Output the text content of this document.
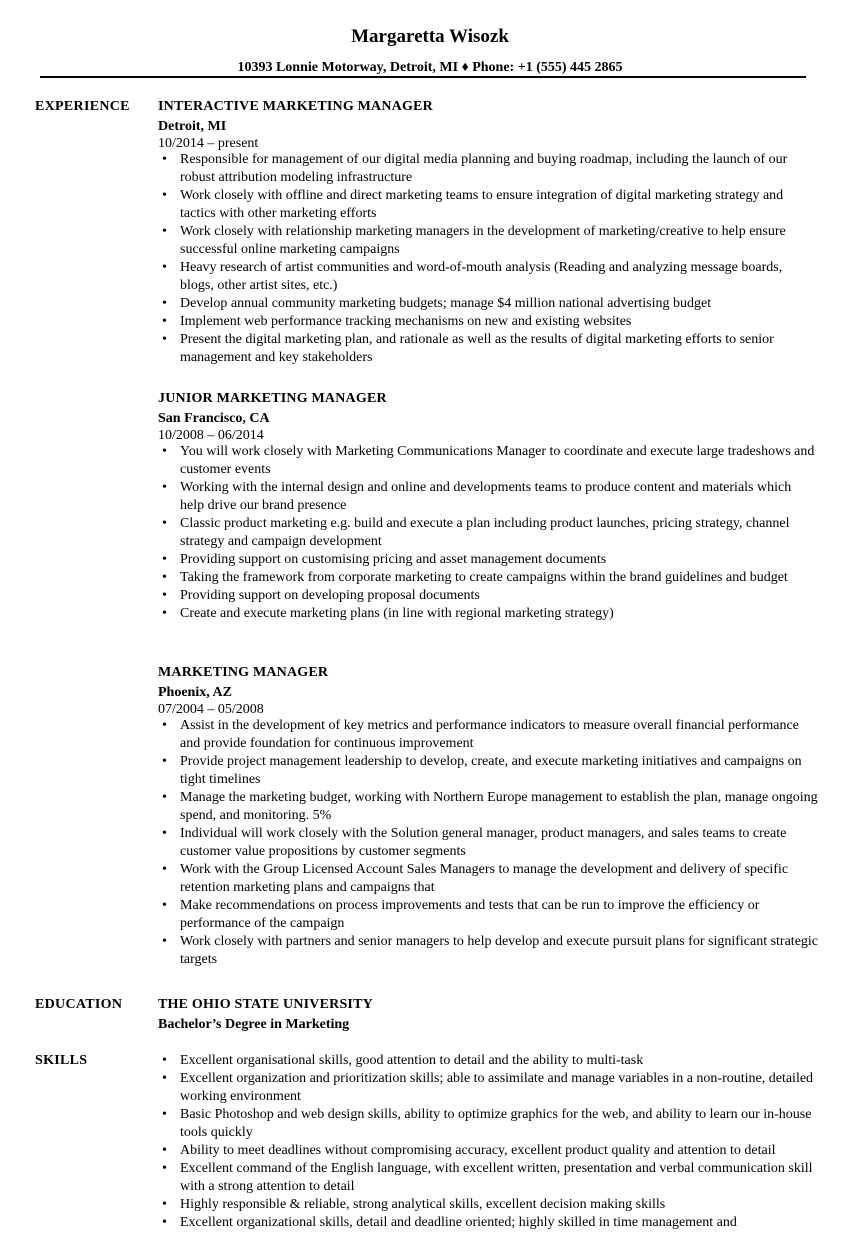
Margaretta Wisozk
10393 Lonnie Motorway, Detroit, MI ♦ Phone: +1 (555) 445 2865
EXPERIENCE INTERACTIVE MARKETING MANAGER
Detroit, MI
10/2014 – present
• Responsible for management of our digital media planning and buying roadmap, including the launch of our robust attribution modeling infrastructure
• Work closely with offline and direct marketing teams to ensure integration of digital marketing strategy and tactics with other marketing efforts
• Work closely with relationship marketing managers in the development of marketing/creative to help ensure successful online marketing campaigns
• Heavy research of artist communities and word-of-mouth analysis (Reading and analyzing message boards, blogs, other artist sites, etc.)
• Develop annual community marketing budgets; manage $4 million national advertising budget
• Implement web performance tracking mechanisms on new and existing websites
• Present the digital marketing plan, and rationale as well as the results of digital marketing efforts to senior management and key stakeholders
JUNIOR MARKETING MANAGER
San Francisco, CA
10/2008 – 06/2014
• You will work closely with Marketing Communications Manager to coordinate and execute large tradeshows and customer events
• Working with the internal design and online and developments teams to produce content and materials which help drive our brand presence
• Classic product marketing e.g. build and execute a plan including product launches, pricing strategy, channel strategy and campaign development
• Providing support on customising pricing and asset management documents
• Taking the framework from corporate marketing to create campaigns within the brand guidelines and budget
• Providing support on developing proposal documents
• Create and execute marketing plans (in line with regional marketing strategy)
MARKETING MANAGER
Phoenix, AZ
07/2004 – 05/2008
• Assist in the development of key metrics and performance indicators to measure overall financial performance and provide foundation for continuous improvement
• Provide project management leadership to develop, create, and execute marketing initiatives and campaigns on tight timelines
• Manage the marketing budget, working with Northern Europe management to establish the plan, manage ongoing spend, and monitoring. 5%
• Individual will work closely with the Solution general manager, product managers, and sales teams to create customer value propositions by customer segments
• Work with the Group Licensed Account Sales Managers to manage the development and delivery of specific retention marketing plans and campaigns that
• Make recommendations on process improvements and tests that can be run to improve the efficiency or performance of the campaign
• Work closely with partners and senior managers to help develop and execute pursuit plans for significant strategic targets
EDUCATION	THE OHIO STATE UNIVERSITY
Bachelor’s Degree in Marketing
SKILLS
•	Excellent organisational skills, good attention to detail and the ability to multi-task
• Excellent organization and prioritization skills; able to assimilate and manage variables in a non-routine, detailed working environment
• Basic Photoshop and web design skills, ability to optimize graphics for the web, and ability to learn our in-house tools quickly
• Ability to meet deadlines without compromising accuracy, excellent product quality and attention to detail
• Excellent command of the English language, with excellent written, presentation and verbal communication skill with a strong attention to detail
• Highly responsible & reliable, strong analytical skills, excellent decision making skills
• Excellent organizational skills, detail and deadline oriented; highly skilled in time management and
